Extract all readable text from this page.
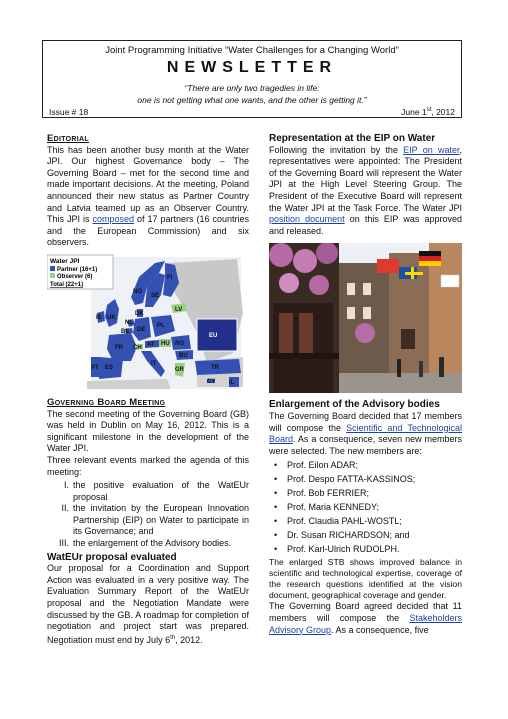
Joint Programming Initiative “Water Challenges for a Changing World”
NEWSLETTER
“There are only two tragedies in life:
one is not getting what one wants, and the other is getting it.”
Issue # 18	June 1st, 2012
Editorial

This has been another busy month at the Water JPI. Our highest Governance body – The Governing Board – met for the second time and made important decisions. At the meeting, Poland announced their new status as Partner Country and Latvia teamed up as an Observer Country. This JPI is composed of 17 partners (16 countries and the European Commission) and six observers.

NO
SE
FI
DK
NL
BE
UK
IE
DE
PL
LV
FR CH AT HU
IT
RO
BU
PT ES	GR	TR
CY IL
EU
Water JPI
Partner (16+1)
Observer (6)
Total (22+1)
Governing Board Meeting

The second meeting of the Governing Board (GB) was held in Dublin on May 16, 2012. This is a significant milestone in the development of the Water JPI.

Three relevant events marked the agenda of this meeting:

I. the positive evaluation of the WatEUr proposal
II. the invitation by the European Innovation Partnership (EIP) on Water to participate in its Governance; and
III. the enlargement of the Advisory bodies.
WatEUr proposal evaluated

Our proposal for a Coordination and Support Action was evaluated in a very positive way. The Evaluation Summary Report of the WatEUr proposal and the Negotiation Mandate were discussed by the GB. A roadmap for completion of negotiation and project start was prepared. Negotiation must end by July 6th, 2012.

Representation at the EIP on Water

Following the invitation by the EIP on water, representatives were appointed: The President of the Governing Board will represent the Water JPI at the High Level Steering Group. The President of the Executive Board will represent the Water JPI at the Task Force. The Water JPI position document on this EIP was approved and released.

Enlargement of the Advisory bodies

The Governing Board decided that 17 members will compose the Scientific and Technological Board. As a consequence, seven new members were selected. The new members are:

• Prof. Eilon ADAR;
• Prof. Despo FATTA-KASSINOS;
• Prof. Bob FERRIER;
• Prof. Maria KENNEDY;
• Prof. Claudia PAHL-WOSTL;
• Dr. Susan RICHARDSON; and
• Prof. Karl-Ulrich RUDOLPH.

The enlarged STB shows improved balance in scientific and technological expertise, coverage of the research questions identified at the vision document, geographical coverage and gender.

The Governing Board agreed decided that 11 members will compose the Stakeholders Advisory Group. As a consequence, five
